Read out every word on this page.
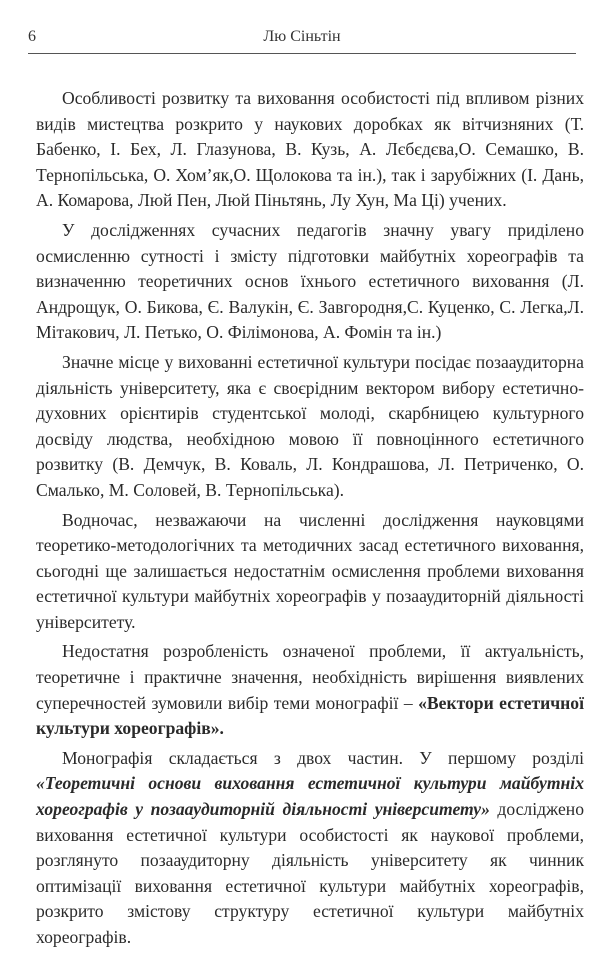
6	Лю Сіньтін

Особливості розвитку та виховання особистості під впливом різних видів мистецтва розкрито у наукових доробках як вітчизняних (Т. Бабенко, І. Бех, Л. Глазунова, В. Кузь, А. Лєбєдєва,О. Семашко, В. Тернопільська, О. Хом’як,О. Щолокова та ін.), так і зарубіжних (І. Дань, А. Комарова, Люй Пен, Люй Піньтянь, Лу Хун, Ма Ці) учених.

У дослідженнях сучасних педагогів значну увагу приділено осмисленню сутності і змісту підготовки майбутніх хореографів та визначенню теоретичних основ їхнього естетичного виховання (Л. Андрощук, О. Бикова, Є. Валукін, Є. Завгородня,С. Куценко, С. Легка,Л. Мітакович, Л. Петько, О. Філімонова, А. Фомін та ін.)

Значне місце у вихованні естетичної культури посідає позааудиторна діяльність університету, яка є своєрідним вектором вибору естетично-духовних орієнтирів студентської молоді, скарбницею культурного досвіду людства, необхідною мовою її повноцінного естетичного розвитку (В. Демчук, В. Коваль, Л. Кондрашова, Л. Петриченко, О. Смалько, М. Соловей, В. Тернопільська).

Водночас, незважаючи на численні дослідження науковцями теоретико-методологічних та методичних засад естетичного виховання, сьогодні ще залишається недостатнім осмислення проблеми виховання естетичної культури майбутніх хореографів у позааудиторній діяльності університету.

Недостатня розробленість означеної проблеми, її актуальність, теоретичне і практичне значення, необхідність вирішення виявлених суперечностей зумовили вибір теми монографії – «Вектори естетичної культури хореографів».

Монографія складається з двох частин. У першому розділі «Теоретичні основи виховання естетичної культури майбутніх хореографів у позааудиторній діяльності університету» досліджено виховання естетичної культури особистості як наукової проблеми, розглянуто позааудиторну діяльність університету як чинник оптимізації виховання естетичної культури майбутніх хореографів, розкрито змістову структуру естетичної культури майбутніх хореографів.
